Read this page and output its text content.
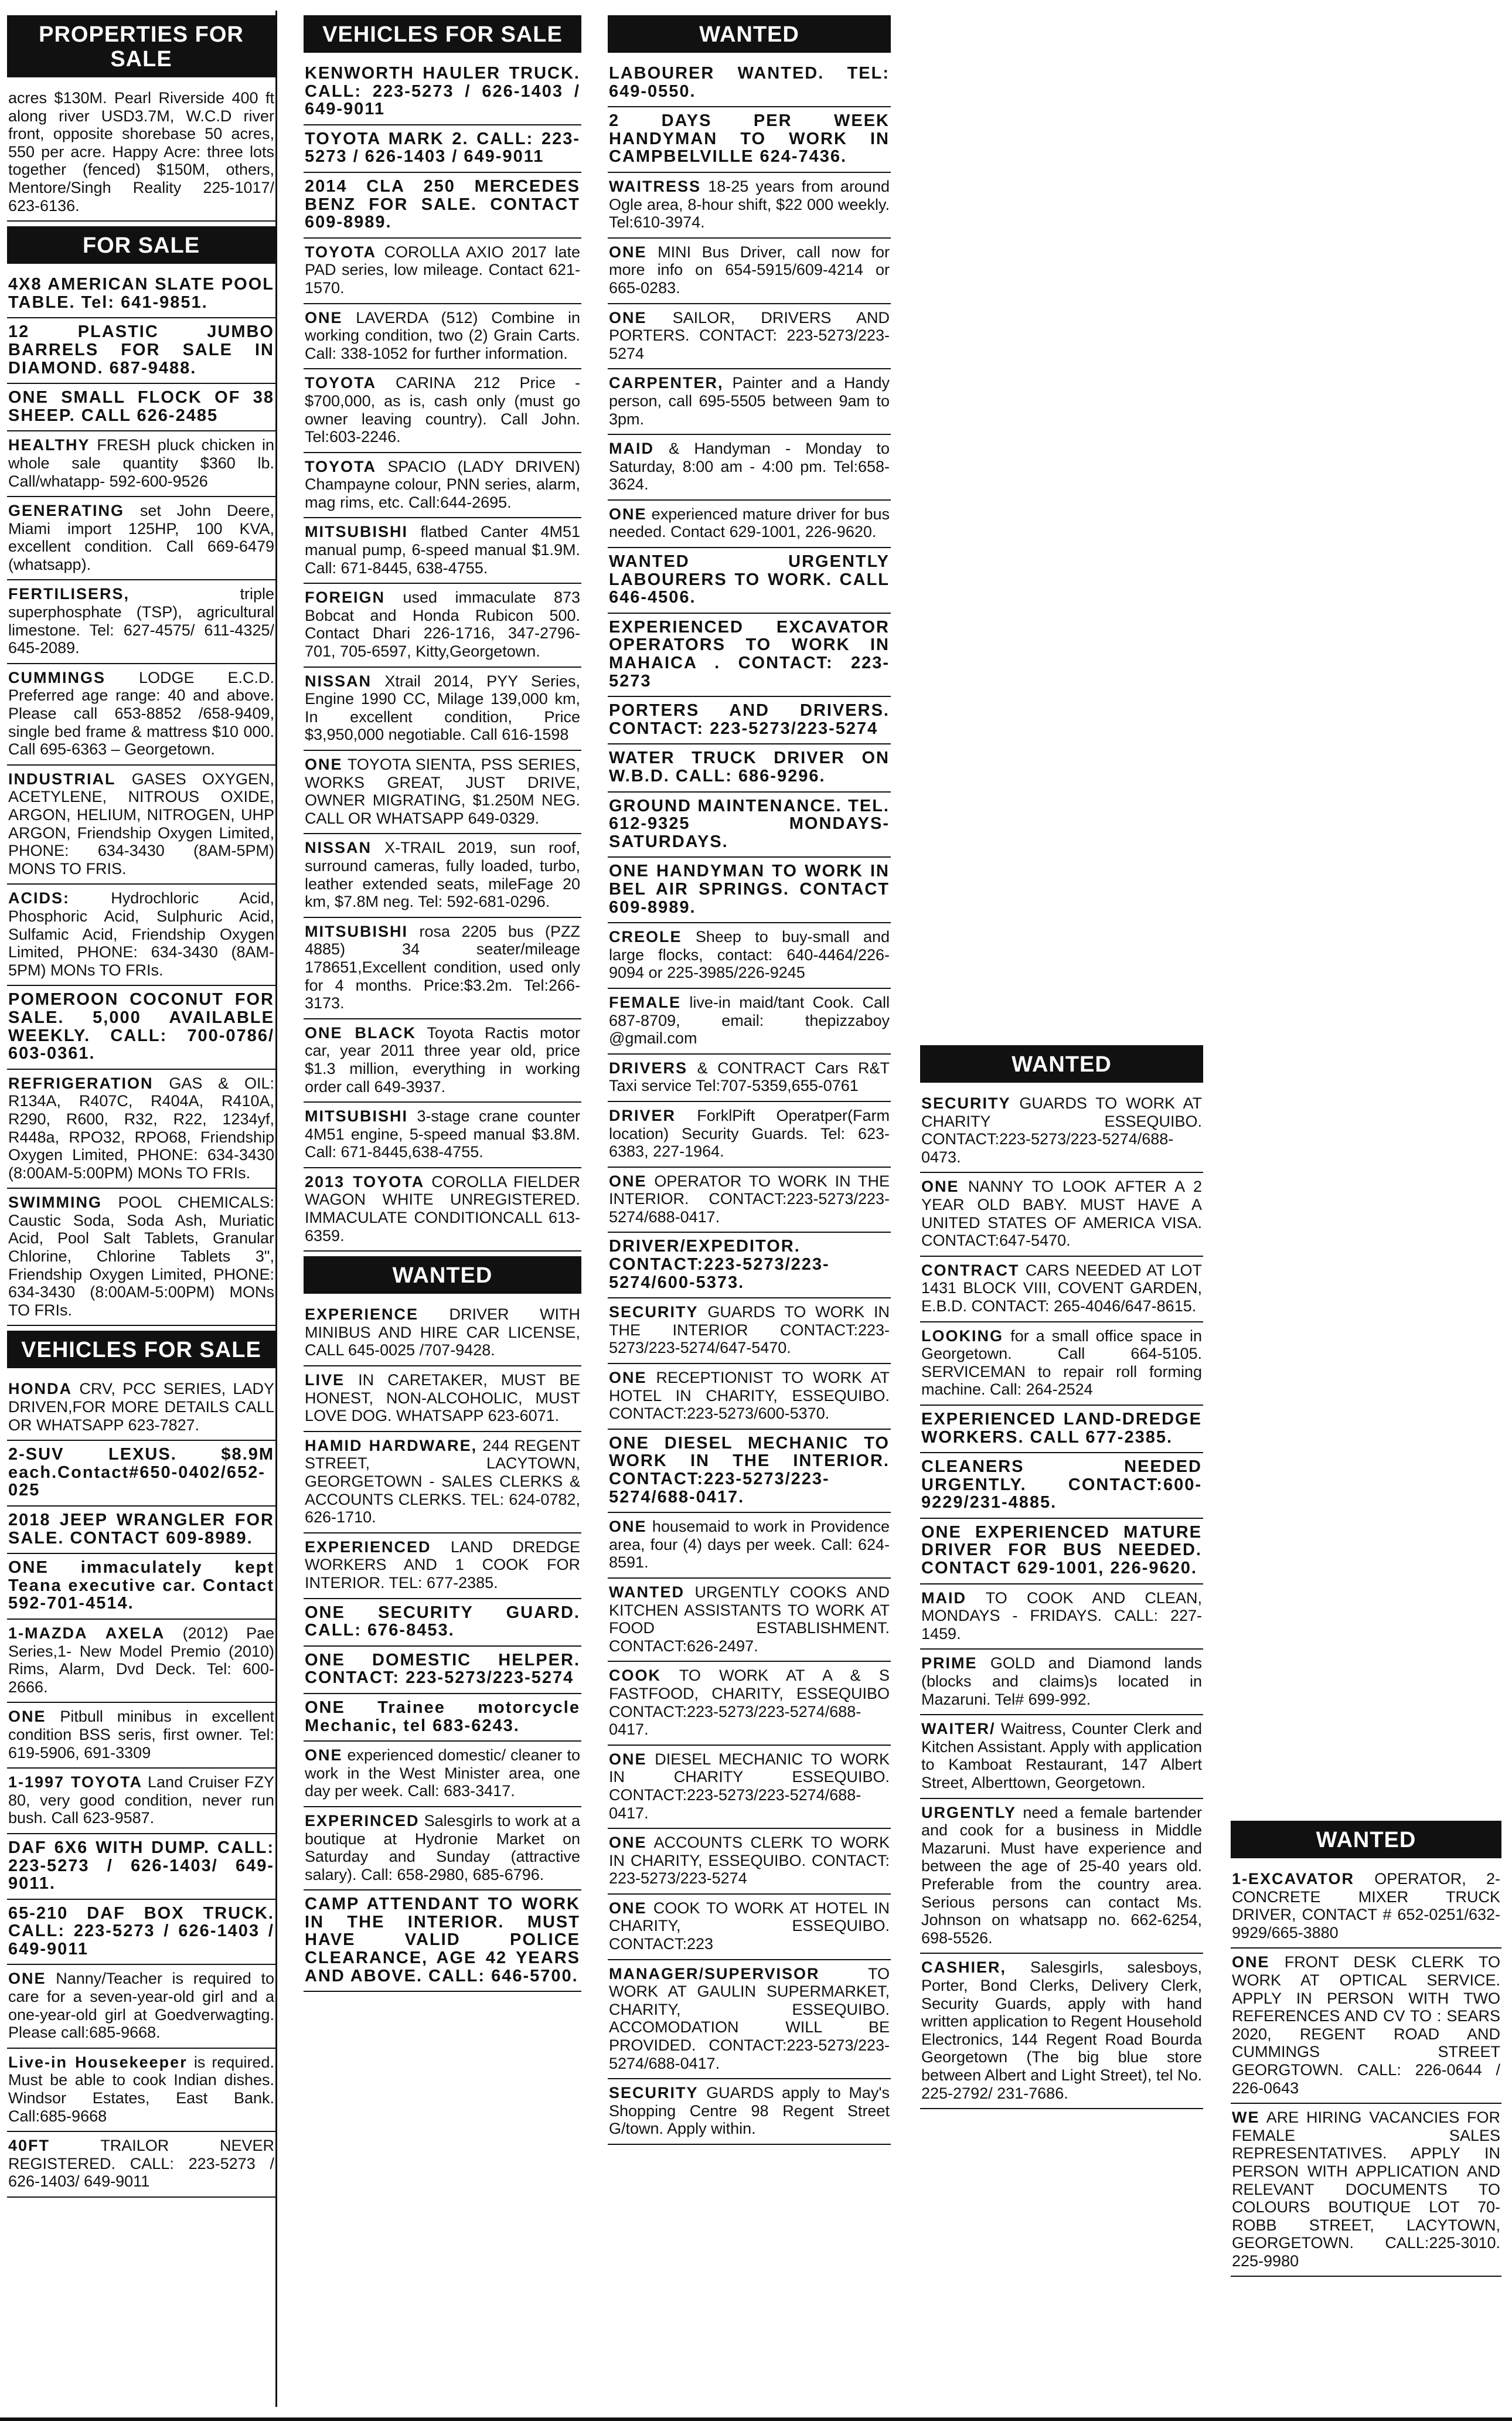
PROPERTIES FOR SALE
acres $130M. Pearl Riverside 400 ft along river USD3.7M, W.C.D river front, opposite shorebase 50 acres, 550 per acre. Happy Acre: three lots together (fenced) $150M, others, Mentore/Singh Reality 225-1017/ 623-6136.
FOR SALE
4X8 AMERICAN SLATE POOL TABLE. Tel: 641-9851.
12 PLASTIC JUMBO BARRELS FOR SALE IN DIAMOND. 687-9488.
ONE SMALL FLOCK OF 38 SHEEP. CALL 626-2485
HEALTHY FRESH pluck chicken in whole sale quantity $360 lb. Call/whatapp- 592-600-9526
GENERATING set John Deere, Miami import 125HP, 100 KVA, excellent condition. Call 669-6479 (whatsapp).
FERTILISERS,	triple superphosphate (TSP), agricultural limestone. Tel: 627-4575/ 611-4325/ 645-2089.
CUMMINGS LODGE E.C.D. Preferred age range: 40 and above. Please call 653-8852 /658-9409, single bed frame & mattress $10 000. Call 695-6363 – Georgetown.
INDUSTRIAL GASES OXYGEN, ACETYLENE, NITROUS OXIDE, ARGON, HELIUM, NITROGEN, UHP ARGON, Friendship Oxygen Limited, PHONE: 634-3430 (8AM-5PM) MONS TO FRIS.
ACIDS:	Hydrochloric Acid, Phosphoric Acid, Sulphuric Acid, Sulfamic Acid, Friendship Oxygen Limited, PHONE: 634-3430 (8AM-5PM) MONs TO FRIs.
POMEROON COCONUT FOR SALE. 5,000 AVAILABLE WEEKLY. CALL: 700-0786/ 603-0361.
REFRIGERATION GAS & OIL: R134A, R407C, R404A, R410A, R290, R600, R32, R22, 1234yf, R448a, RPO32, RPO68, Friendship Oxygen Limited, PHONE: 634-3430 (8:00AM-5:00PM) MONs TO FRIs.
SWIMMING POOL CHEMICALS: Caustic Soda, Soda Ash, Muriatic Acid, Pool Salt Tablets, Granular Chlorine, Chlorine Tablets 3", Friendship Oxygen Limited, PHONE: 634-3430 (8:00AM-5:00PM) MONs TO FRIs.
VEHICLES FOR SALE
HONDA CRV, PCC SERIES, LADY DRIVEN,FOR MORE DETAILS CALL OR WHATSAPP 623-7827.
2-SUV LEXUS. $8.9M each.Contact#650-0402/652-025
2018 JEEP WRANGLER FOR SALE. CONTACT 609-8989.
ONE immaculately kept Teana executive car. Contact 592-701-4514.
1-MAZDA AXELA (2012) Pae Series,1- New Model Premio (2010) Rims, Alarm, Dvd Deck. Tel: 600-2666.
ONE Pitbull minibus in excellent condition BSS seris, first owner. Tel: 619-5906, 691-3309
1-1997 TOYOTA Land Cruiser FZY 80, very good condition, never run bush. Call 623-9587.
DAF 6X6 WITH DUMP. CALL: 223-5273 / 626-1403/ 649-9011.
65-210 DAF BOX TRUCK. CALL: 223-5273 / 626-1403 / 649-9011
ONE Nanny/Teacher is required to care for a seven-year-old girl and a one-year-old girl at Goedverwagting. Please call:685-9668.
Live-in Housekeeper is required. Must be able to cook Indian dishes. Windsor Estates, East Bank. Call:685-9668
40FT	TRAILOR NEVER REGISTERED. CALL: 223-5273 / 626-1403/ 649-9011
VEHICLES FOR SALE
KENWORTH HAULER TRUCK. CALL: 223-5273 / 626-1403 / 649-9011
TOYOTA MARK 2. CALL: 223-5273 / 626-1403 / 649-9011
2014 CLA 250 MERCEDES BENZ FOR SALE. CONTACT 609-8989.
TOYOTA COROLLA AXIO 2017 late PAD series, low mileage. Contact 621-1570.
ONE LAVERDA (512) Combine in working condition, two (2) Grain Carts. Call: 338-1052 for further information.
TOYOTA CARINA 212 Price - $700,000, as is, cash only (must go owner leaving country). Call John. Tel:603-2246.
TOYOTA SPACIO (LADY DRIVEN) Champayne colour, PNN series, alarm, mag rims, etc. Call:644-2695.
MITSUBISHI flatbed Canter 4M51 manual pump, 6-speed manual $1.9M. Call: 671-8445, 638-4755.
FOREIGN used immaculate 873 Bobcat and Honda Rubicon 500. Contact Dhari 226-1716, 347-2796-701, 705-6597, Kitty,Georgetown.
NISSAN Xtrail 2014, PYY Series, Engine 1990 CC, Milage 139,000 km, In excellent condition, Price $3,950,000 negotiable. Call 616-1598
ONE TOYOTA SIENTA, PSS SERIES, WORKS GREAT, JUST DRIVE, OWNER MIGRATING, $1.250M NEG. CALL OR WHATSAPP 649-0329.
NISSAN X-TRAIL 2019, sun roof, surround cameras, fully loaded, turbo, leather extended seats, mileFage 20 km, $7.8M neg. Tel: 592-681-0296.
MITSUBISHI rosa 2205 bus (PZZ 4885) 34 seater/mileage 178651,Excellent condition, used only for 4 months. Price:$3.2m. Tel:266-3173.
ONE BLACK Toyota Ractis motor car, year 2011 three year old, price $1.3 million, everything in working order call 649-3937.
MITSUBISHI 3-stage crane counter 4M51 engine, 5-speed manual $3.8M. Call: 671-8445,638-4755.
2013 TOYOTA COROLLA FIELDER WAGON WHITE UNREGISTERED. IMMACULATE CONDITIONCALL 613-6359.
WANTED
EXPERIENCE DRIVER WITH MINIBUS AND HIRE CAR LICENSE, CALL 645-0025 /707-9428.
LIVE IN CARETAKER, MUST BE HONEST, NON-ALCOHOLIC, MUST LOVE DOG. WHATSAPP 623-6071.
HAMID HARDWARE, 244 REGENT STREET, LACYTOWN, GEORGETOWN - SALES CLERKS & ACCOUNTS CLERKS. TEL: 624-0782, 626-1710.
EXPERIENCED LAND DREDGE WORKERS AND 1 COOK FOR INTERIOR. TEL: 677-2385.
ONE SECURITY GUARD. CALL: 676-8453.
ONE DOMESTIC HELPER. CONTACT: 223-5273/223-5274
ONE Trainee motorcycle Mechanic, tel 683-6243.
ONE experienced domestic/ cleaner to work in the West Minister area, one day per week. Call: 683-3417.
EXPERINCED Salesgirls to work at a boutique at Hydronie Market on Saturday and Sunday (attractive salary). Call: 658-2980, 685-6796.
CAMP ATTENDANT TO WORK IN THE INTERIOR. MUST HAVE VALID POLICE CLEARANCE, AGE 42 YEARS AND ABOVE. CALL: 646-5700.
WANTED
LABOURER WANTED. TEL: 649-0550.
2 DAYS PER WEEK HANDYMAN TO WORK IN CAMPBELVILLE 624-7436.
WAITRESS 18-25 years from around Ogle area, 8-hour shift, $22 000 weekly. Tel:610-3974.
ONE MINI Bus Driver, call now for more info on 654-5915/609-4214 or 665-0283.
ONE SAILOR, DRIVERS AND PORTERS. CONTACT: 223-5273/223-5274
CARPENTER, Painter and a Handy person, call 695-5505 between 9am to 3pm.
MAID & Handyman - Monday to Saturday, 8:00 am - 4:00 pm. Tel:658-3624.
ONE experienced mature driver for bus needed. Contact 629-1001, 226-9620.
WANTED URGENTLY LABOURERS TO WORK. CALL 646-4506.
EXPERIENCED EXCAVATOR OPERATORS TO WORK IN MAHAICA . CONTACT: 223-5273
PORTERS AND DRIVERS. CONTACT: 223-5273/223-5274
WATER TRUCK DRIVER ON W.B.D. CALL: 686-9296.
GROUND MAINTENANCE. TEL. 612-9325 MONDAYS-SATURDAYS.
ONE HANDYMAN TO WORK IN BEL AIR SPRINGS. CONTACT 609-8989.
CREOLE Sheep to buy-small and large flocks, contact: 640-4464/226-9094 or 225-3985/226-9245
FEMALE live-in maid/tant Cook. Call 687-8709, email: thepizzaboy @gmail.com
DRIVERS & CONTRACT Cars R&T Taxi service Tel:707-5359,655-0761
DRIVER ForklPift Operatper(Farm location) Security Guards. Tel: 623-6383, 227-1964.
ONE OPERATOR TO WORK IN THE INTERIOR. CONTACT:223-5273/223-5274/688-0417.
DRIVER/EXPEDITOR. CONTACT:223-5273/223-5274/600-5373.
SECURITY GUARDS TO WORK IN THE INTERIOR CONTACT:223-5273/223-5274/647-5470.
ONE RECEPTIONIST TO WORK AT HOTEL IN CHARITY, ESSEQUIBO. CONTACT:223-5273/600-5370.
ONE DIESEL MECHANIC TO WORK IN THE INTERIOR. CONTACT:223-5273/223-5274/688-0417.
ONE housemaid to work in Providence area, four (4) days per week. Call: 624-8591.
WANTED URGENTLY COOKS AND KITCHEN ASSISTANTS TO WORK AT FOOD ESTABLISHMENT. CONTACT:626-2497.
COOK TO WORK AT A & S FASTFOOD, CHARITY, ESSEQUIBO CONTACT:223-5273/223-5274/688-0417.
ONE DIESEL MECHANIC TO WORK IN CHARITY ESSEQUIBO. CONTACT:223-5273/223-5274/688-0417.
ONE ACCOUNTS CLERK TO WORK IN CHARITY, ESSEQUIBO. CONTACT: 223-5273/223-5274
ONE COOK TO WORK AT HOTEL IN CHARITY, ESSEQUIBO. CONTACT:223
MANAGER/SUPERVISOR	TO WORK AT GAULIN SUPERMARKET, CHARITY, ESSEQUIBO. ACCOMODATION WILL BE PROVIDED. CONTACT:223-5273/223-5274/688-0417.
SECURITY GUARDS apply to May's Shopping Centre 98 Regent Street G/town. Apply within.
WANTED
SECURITY GUARDS TO WORK AT CHARITY ESSEQUIBO. CONTACT:223-5273/223-5274/688-0473.
ONE NANNY TO LOOK AFTER A 2 YEAR OLD BABY. MUST HAVE A UNITED STATES OF AMERICA VISA. CONTACT:647-5470.
CONTRACT CARS NEEDED AT LOT 1431 BLOCK VIII, COVENT GARDEN, E.B.D. CONTACT: 265-4046/647-8615.
LOOKING for a small office space in Georgetown. Call 664-5105. SERVICEMAN to repair roll forming machine. Call: 264-2524
EXPERIENCED LAND-DREDGE WORKERS. CALL 677-2385.
CLEANERS NEEDED URGENTLY. CONTACT:600-9229/231-4885.
ONE EXPERIENCED MATURE DRIVER FOR BUS NEEDED. CONTACT 629-1001, 226-9620.
MAID TO COOK AND CLEAN, MONDAYS - FRIDAYS. CALL: 227-1459.
PRIME GOLD and Diamond lands (blocks and claims)s located in Mazaruni. Tel# 699-992.
WAITER/ Waitress, Counter Clerk and Kitchen Assistant. Apply with application to Kamboat Restaurant, 147 Albert Street, Alberttown, Georgetown.
URGENTLY need a female bartender and cook for a business in Middle Mazaruni. Must have experience and between the age of 25-40 years old. Preferable from the country area. Serious persons can contact Ms. Johnson on whatsapp no. 662-6254, 698-5526.
CASHIER, Salesgirls, salesboys, Porter, Bond Clerks, Delivery Clerk, Security Guards, apply with hand written application to Regent Household Electronics, 144 Regent Road Bourda Georgetown (The big blue store between Albert and Light Street), tel No. 225-2792/ 231-7686.
WANTED
1-EXCAVATOR OPERATOR, 2- CONCRETE MIXER TRUCK DRIVER, CONTACT # 652-0251/632-9929/665-3880
ONE FRONT DESK CLERK TO WORK AT OPTICAL SERVICE. APPLY IN PERSON WITH TWO REFERENCES AND CV TO : SEARS 2020, REGENT ROAD AND CUMMINGS STREET GEORGTOWN. CALL: 226-0644 / 226-0643
WE ARE HIRING VACANCIES FOR FEMALE SALES REPRESENTATIVES. APPLY IN PERSON WITH APPLICATION AND RELEVANT DOCUMENTS TO COLOURS BOUTIQUE LOT 70-ROBB STREET, LACYTOWN, GEORGETOWN. CALL:225-3010. 225-9980
